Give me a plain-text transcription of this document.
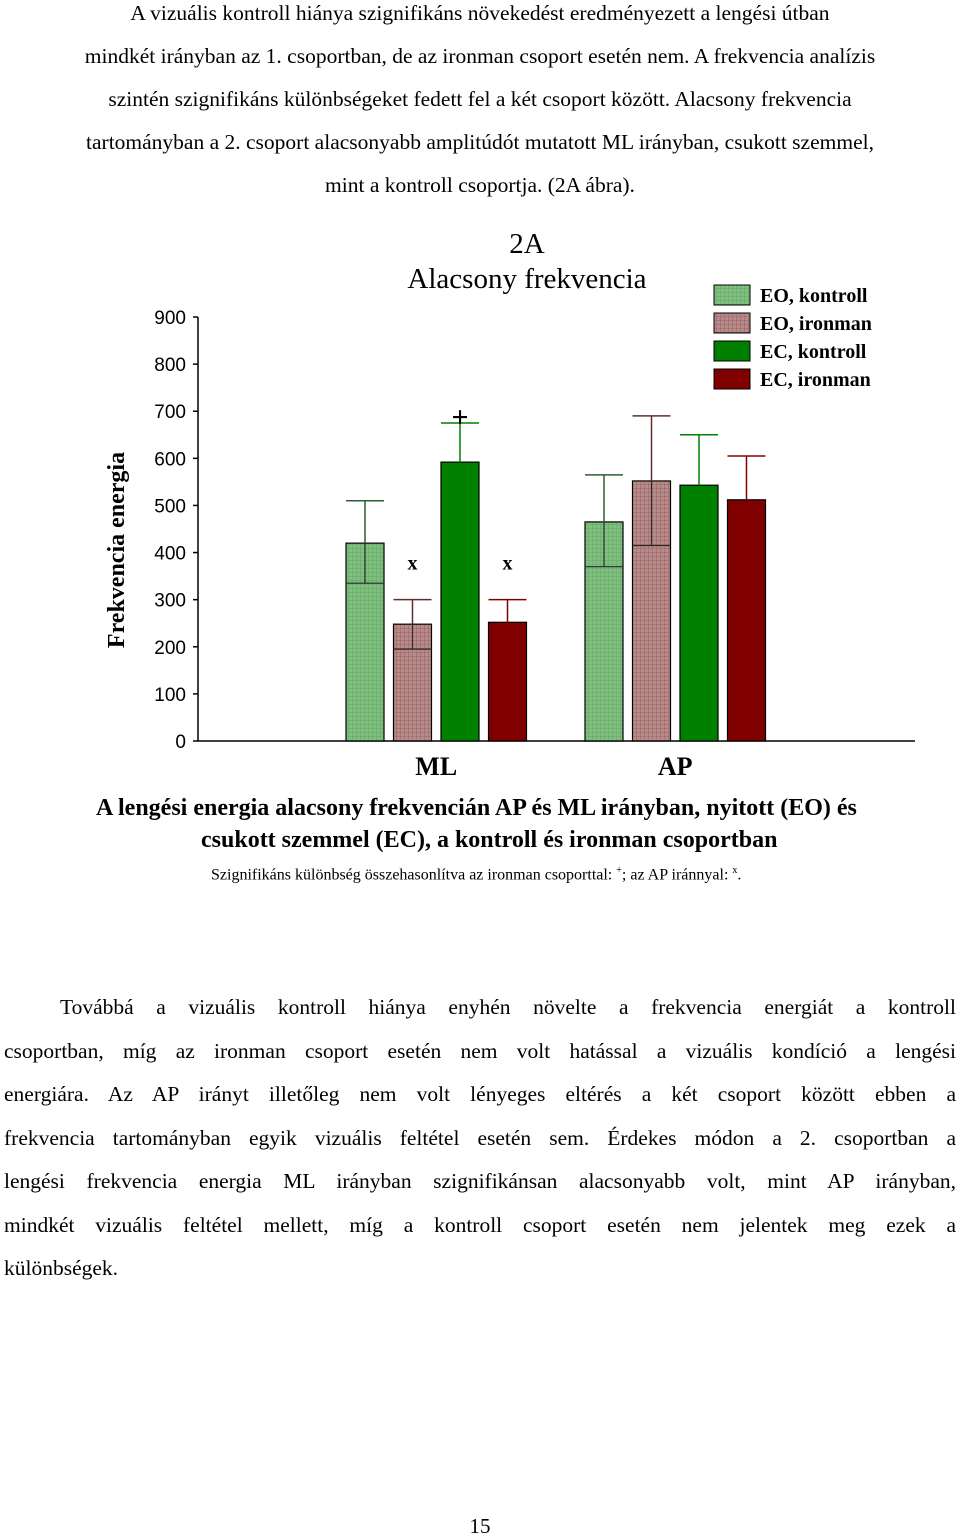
A vizuális kontroll hiánya szignifikáns növekedést eredményezett a lengési útban
mindkét irányban az 1. csoportban, de az ironman csoport esetén nem. A frekvencia analízis
szintén szignifikáns különbségeket fedett fel a két csoport között. Alacsony frekvencia
tartományban a 2. csoport alacsonyabb amplitúdót mutatott ML irányban, csukott szemmel,
mint a kontroll csoportja. (2A ábra).

2A
Alacsony frekvencia
Frekvencia energia
0
100
200
300
400
500
600
700
800
900
ML	AP
+
x	x
EO, kontroll
EO, ironman
EC, kontroll
EC, ironman

A lengési energia alacsony frekvencián AP és ML irányban, nyitott (EO) és
csukott szemmel (EC), a kontroll és ironman csoportban

Szignifikáns különbség összehasonlítva az ironman csoporttal: +; az AP iránnyal: $^x$.

Továbbá a vizuális kontroll hiánya enyhén növelte a frekvencia energiát a kontroll
csoportban, míg az ironman csoport esetén nem volt hatással a vizuális kondíció a lengési
energiára. Az AP irányt illetőleg nem volt lényeges eltérés a két csoport között ebben a
frekvencia tartományban egyik vizuális feltétel esetén sem. Érdekes módon a 2. csoportban a
lengési frekvencia energia ML irányban szignifikánsan alacsonyabb volt, mint AP irányban,
mindkét vizuális feltétel mellett, míg a kontroll csoport esetén nem jelentek meg ezek a
különbségek.

15
